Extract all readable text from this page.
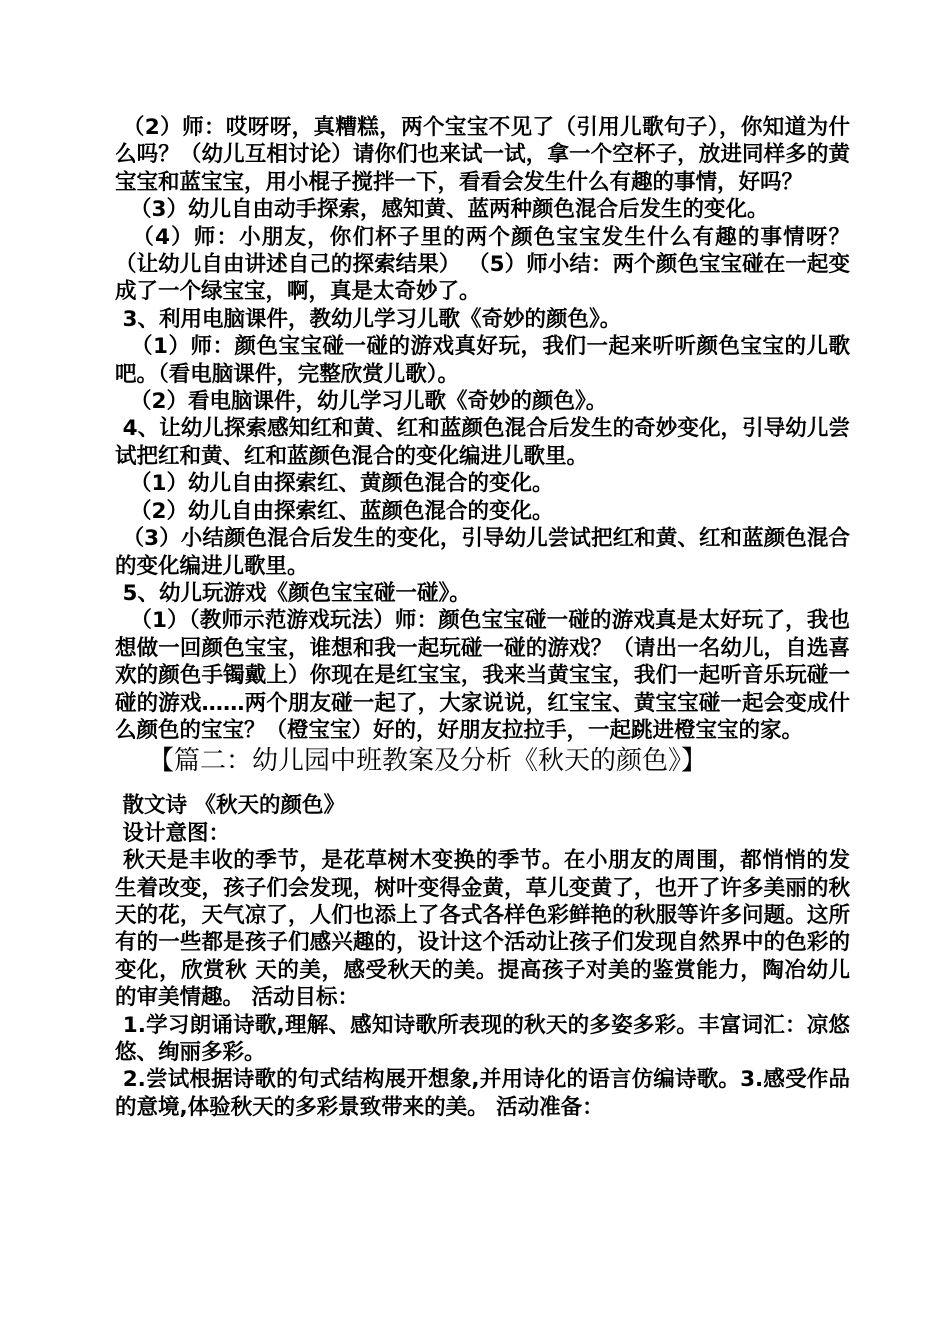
（2）师：哎呀呀，真糟糕，两个宝宝不见了（引用儿歌句子），你知道为什么吗？（幼儿互相讨论）请你们也来试一试，拿一个空杯子，放进同样多的黄宝宝和蓝宝宝，用小棍子搅拌一下，看看会发生什么有趣的事情，好吗？

（3）幼儿自由动手探索，感知黄、蓝两种颜色混合后发生的变化。

（4）师：小朋友，你们杯子里的两个颜色宝宝发生什么有趣的事情呀？（让幼儿自由讲述自己的探索结果） （5）师小结：两个颜色宝宝碰在一起变成了一个绿宝宝，啊，真是太奇妙了。

3、利用电脑课件，教幼儿学习儿歌《奇妙的颜色》。

（1）师：颜色宝宝碰一碰的游戏真好玩，我们一起来听听颜色宝宝的儿歌吧。（看电脑课件，完整欣赏儿歌）。

（2）看电脑课件，幼儿学习儿歌《奇妙的颜色》。

4、让幼儿探索感知红和黄、红和蓝颜色混合后发生的奇妙变化，引导幼儿尝试把红和黄、红和蓝颜色混合的变化编进儿歌里。

（1）幼儿自由探索红、黄颜色混合的变化。

（2）幼儿自由探索红、蓝颜色混合的变化。

（3）小结颜色混合后发生的变化，引导幼儿尝试把红和黄、红和蓝颜色混合的变化编进儿歌里。

5、幼儿玩游戏《颜色宝宝碰一碰》。

（1）（教师示范游戏玩法）师：颜色宝宝碰一碰的游戏真是太好玩了，我也想做一回颜色宝宝，谁想和我一起玩碰一碰的游戏？（请出一名幼儿，自选喜欢的颜色手镯戴上）你现在是红宝宝，我来当黄宝宝，我们一起听音乐玩碰一碰的游戏……两个朋友碰一起了，大家说说，红宝宝、黄宝宝碰一起会变成什么颜色的宝宝？（橙宝宝）好的，好朋友拉拉手，一起跳进橙宝宝的家。

【篇二：幼儿园中班教案及分析《秋天的颜色》】

散文诗 《秋天的颜色》

设计意图：

秋天是丰收的季节，是花草树木变换的季节。在小朋友的周围，都悄悄的发生着改变，孩子们会发现，树叶变得金黄，草儿变黄了，也开了许多美丽的秋天的花，天气凉了，人们也添上了各式各样色彩鲜艳的秋服等许多问题。这所有的一些都是孩子们感兴趣的，设计这个活动让孩子们发现自然界中的色彩的变化，欣赏秋 天的美，感受秋天的美。提高孩子对美的鉴赏能力，陶冶幼儿的审美情趣。 活动目标：

1.学习朗诵诗歌,理解、感知诗歌所表现的秋天的多姿多彩。丰富词汇：凉悠悠、绚丽多彩。

2.尝试根据诗歌的句式结构展开想象,并用诗化的语言仿编诗歌。3.感受作品的意境,体验秋天的多彩景致带来的美。 活动准备：
